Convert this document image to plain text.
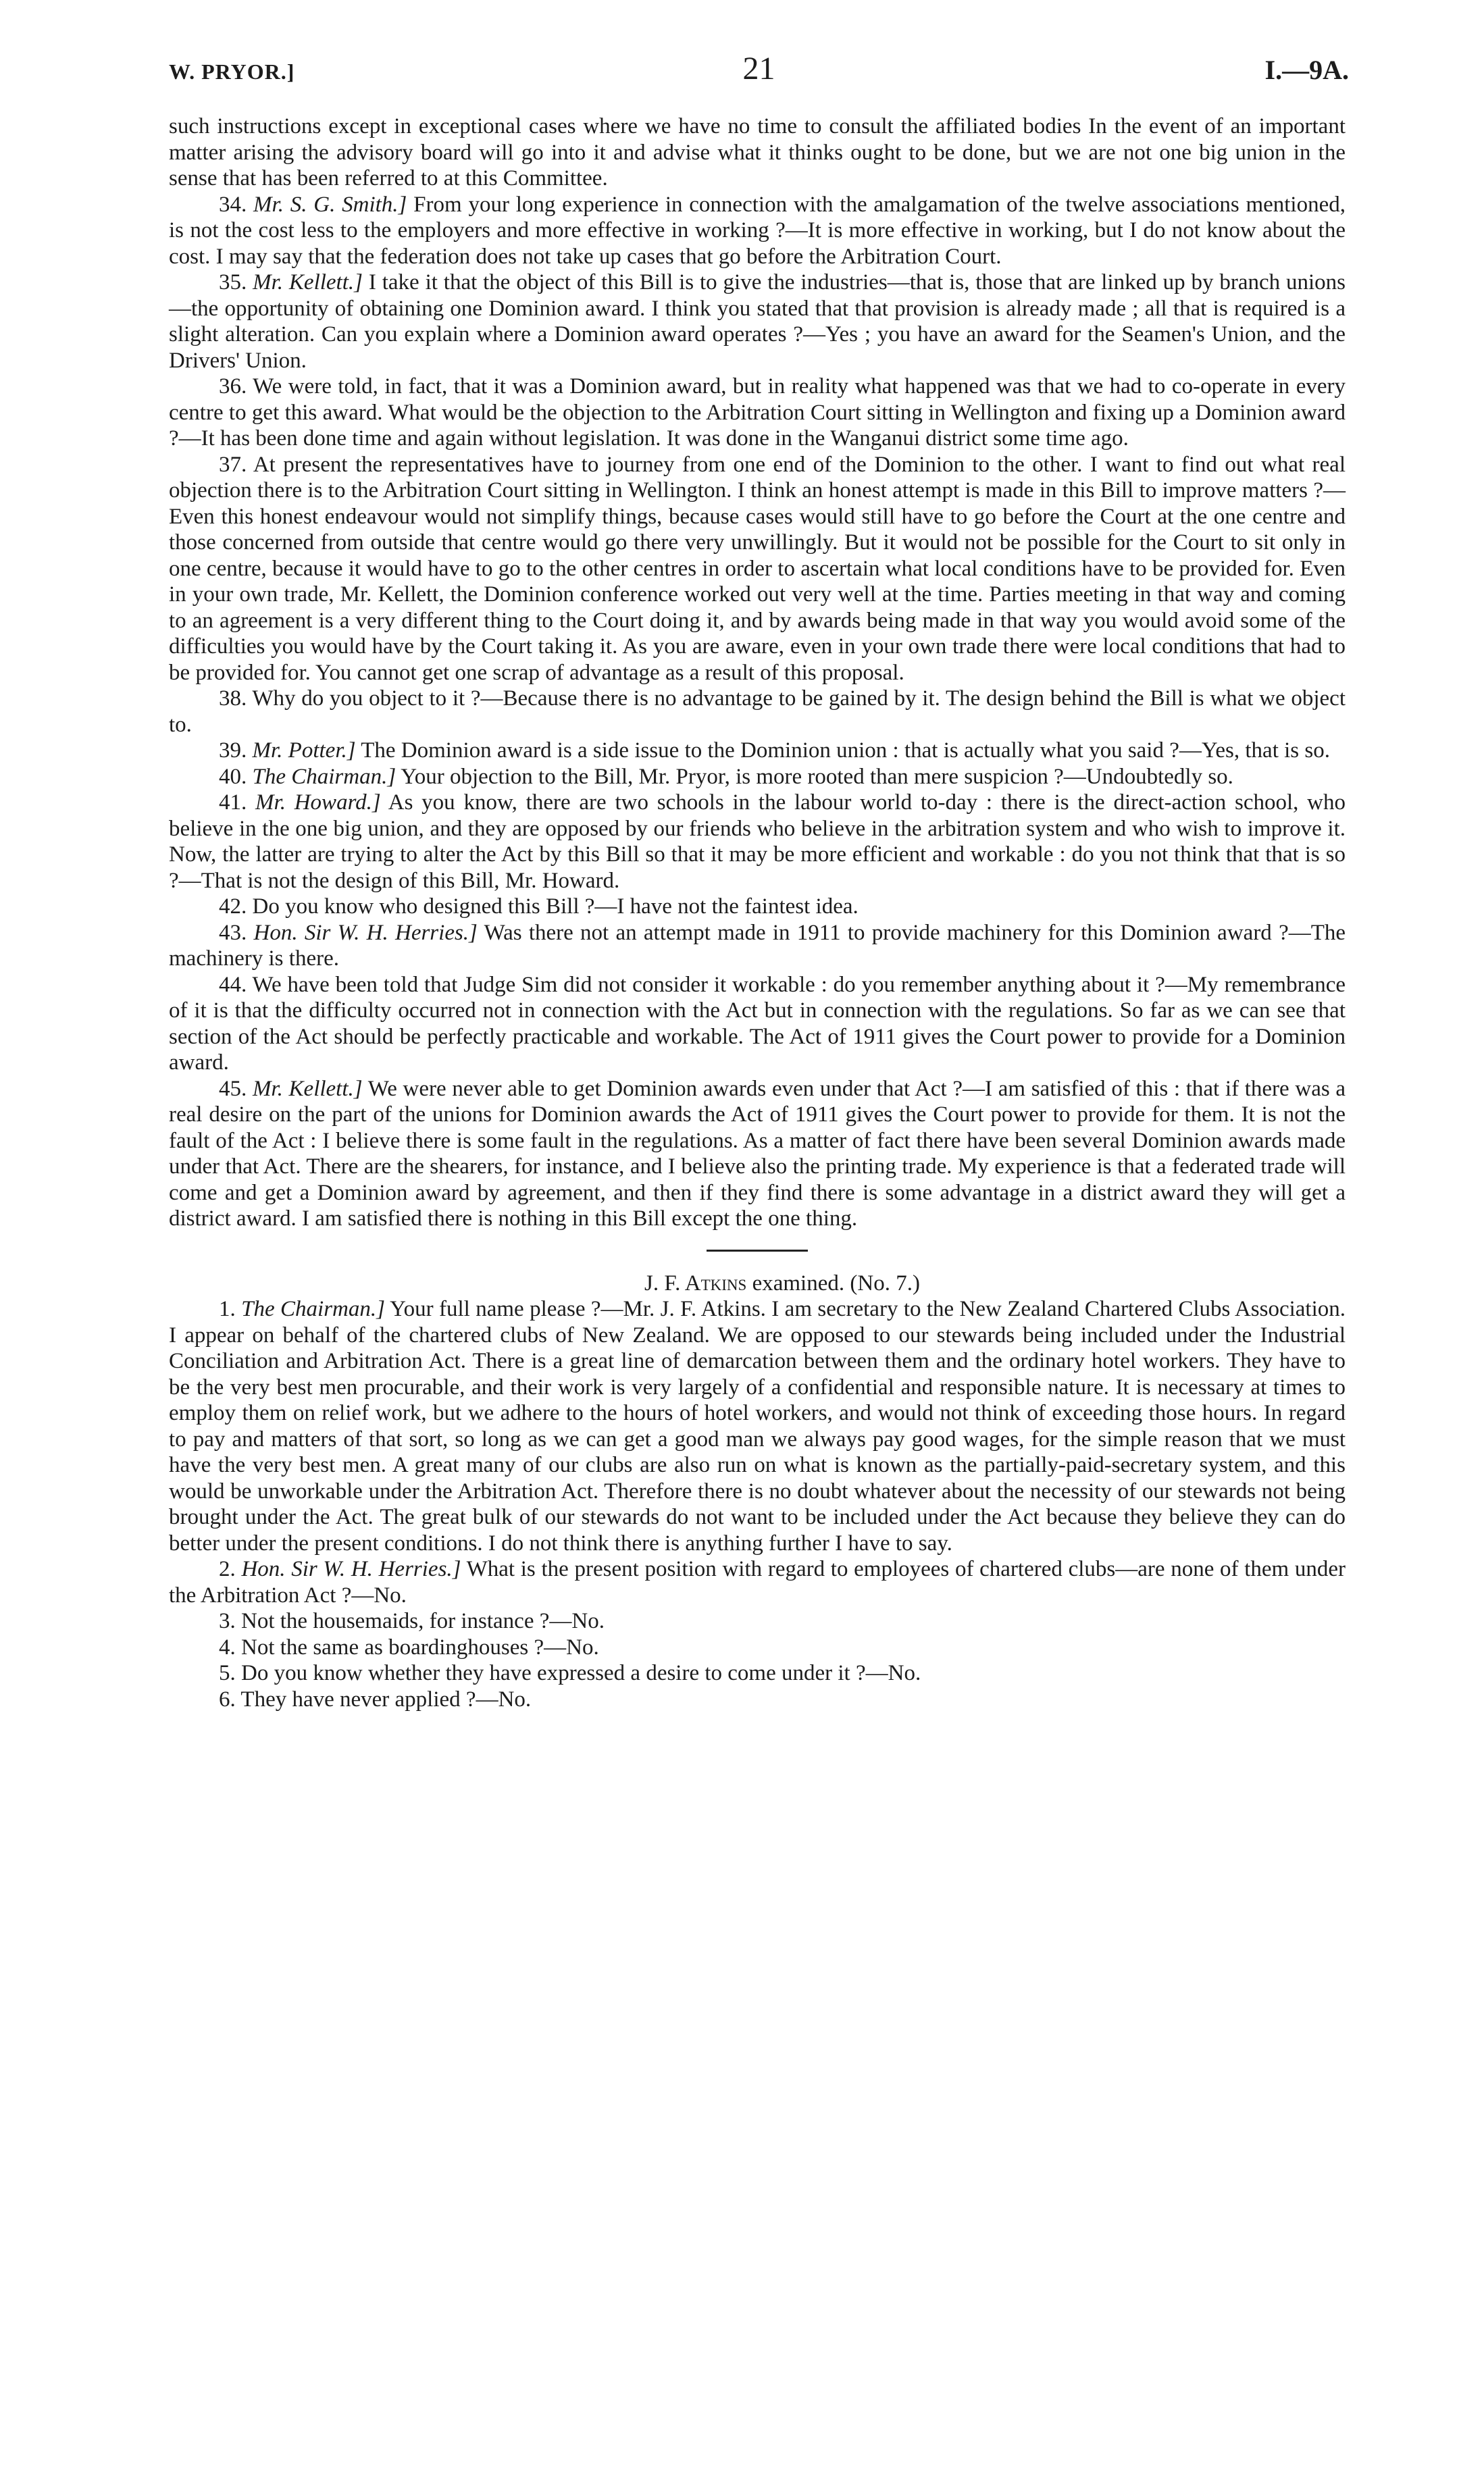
W. PRYOR.]	21	I.—9A.

such instructions except in exceptional cases where we have no time to consult the affiliated bodies In the event of an important matter arising the advisory board will go into it and advise what it thinks ought to be done, but we are not one big union in the sense that has been referred to at this Committee.

34. Mr. S. G. Smith.] From your long experience in connection with the amalgamation of the twelve associations mentioned, is not the cost less to the employers and more effective in working ?—It is more effective in working, but I do not know about the cost. I may say that the federation does not take up cases that go before the Arbitration Court.

35. Mr. Kellett.] I take it that the object of this Bill is to give the industries—that is, those that are linked up by branch unions—the opportunity of obtaining one Dominion award. I think you stated that that provision is already made ; all that is required is a slight alteration. Can you explain where a Dominion award operates ?—Yes ; you have an award for the Seamen's Union, and the Drivers' Union.

36. We were told, in fact, that it was a Dominion award, but in reality what happened was that we had to co-operate in every centre to get this award. What would be the objection to the Arbitration Court sitting in Wellington and fixing up a Dominion award ?—It has been done time and again without legislation. It was done in the Wanganui district some time ago.

37. At present the representatives have to journey from one end of the Dominion to the other. I want to find out what real objection there is to the Arbitration Court sitting in Wellington. I think an honest attempt is made in this Bill to improve matters ?—Even this honest endeavour would not simplify things, because cases would still have to go before the Court at the one centre and those concerned from outside that centre would go there very unwillingly. But it would not be possible for the Court to sit only in one centre, because it would have to go to the other centres in order to ascertain what local conditions have to be provided for. Even in your own trade, Mr. Kellett, the Dominion conference worked out very well at the time. Parties meeting in that way and coming to an agreement is a very different thing to the Court doing it, and by awards being made in that way you would avoid some of the difficulties you would have by the Court taking it. As you are aware, even in your own trade there were local conditions that had to be provided for. You cannot get one scrap of advantage as a result of this proposal.

38. Why do you object to it ?—Because there is no advantage to be gained by it. The design behind the Bill is what we object to.

39. Mr. Potter.] The Dominion award is a side issue to the Dominion union : that is actually what you said ?—Yes, that is so.

40. The Chairman.] Your objection to the Bill, Mr. Pryor, is more rooted than mere suspicion ?—Undoubtedly so.

41. Mr. Howard.] As you know, there are two schools in the labour world to-day : there is the direct-action school, who believe in the one big union, and they are opposed by our friends who believe in the arbitration system and who wish to improve it. Now, the latter are trying to alter the Act by this Bill so that it may be more efficient and workable : do you not think that that is so ?—That is not the design of this Bill, Mr. Howard.

42. Do you know who designed this Bill ?—I have not the faintest idea.

43. Hon. Sir W. H. Herries.] Was there not an attempt made in 1911 to provide machinery for this Dominion award ?—The machinery is there.

44. We have been told that Judge Sim did not consider it workable : do you remember anything about it ?—My remembrance of it is that the difficulty occurred not in connection with the Act but in connection with the regulations. So far as we can see that section of the Act should be perfectly practicable and workable. The Act of 1911 gives the Court power to provide for a Dominion award.

45. Mr. Kellett.] We were never able to get Dominion awards even under that Act ?—I am satisfied of this : that if there was a real desire on the part of the unions for Dominion awards the Act of 1911 gives the Court power to provide for them. It is not the fault of the Act : I believe there is some fault in the regulations. As a matter of fact there have been several Dominion awards made under that Act. There are the shearers, for instance, and I believe also the printing trade. My experience is that a federated trade will come and get a Dominion award by agreement, and then if they find there is some advantage in a district award they will get a district award. I am satisfied there is nothing in this Bill except the one thing.

J. F. Atkins examined. (No. 7.)

1. The Chairman.] Your full name please ?—Mr. J. F. Atkins. I am secretary to the New Zealand Chartered Clubs Association. I appear on behalf of the chartered clubs of New Zealand. We are opposed to our stewards being included under the Industrial Conciliation and Arbitration Act. There is a great line of demarcation between them and the ordinary hotel workers. They have to be the very best men procurable, and their work is very largely of a confidential and responsible nature. It is necessary at times to employ them on relief work, but we adhere to the hours of hotel workers, and would not think of exceeding those hours. In regard to pay and matters of that sort, so long as we can get a good man we always pay good wages, for the simple reason that we must have the very best men. A great many of our clubs are also run on what is known as the partially-paid-secretary system, and this would be unworkable under the Arbitration Act. Therefore there is no doubt whatever about the necessity of our stewards not being brought under the Act. The great bulk of our stewards do not want to be included under the Act because they believe they can do better under the present conditions. I do not think there is anything further I have to say.

2. Hon. Sir W. H. Herries.] What is the present position with regard to employees of chartered clubs—are none of them under the Arbitration Act ?—No.

3. Not the housemaids, for instance ?—No.

4. Not the same as boardinghouses ?—No.

5. Do you know whether they have expressed a desire to come under it ?—No.

6. They have never applied ?—No.
